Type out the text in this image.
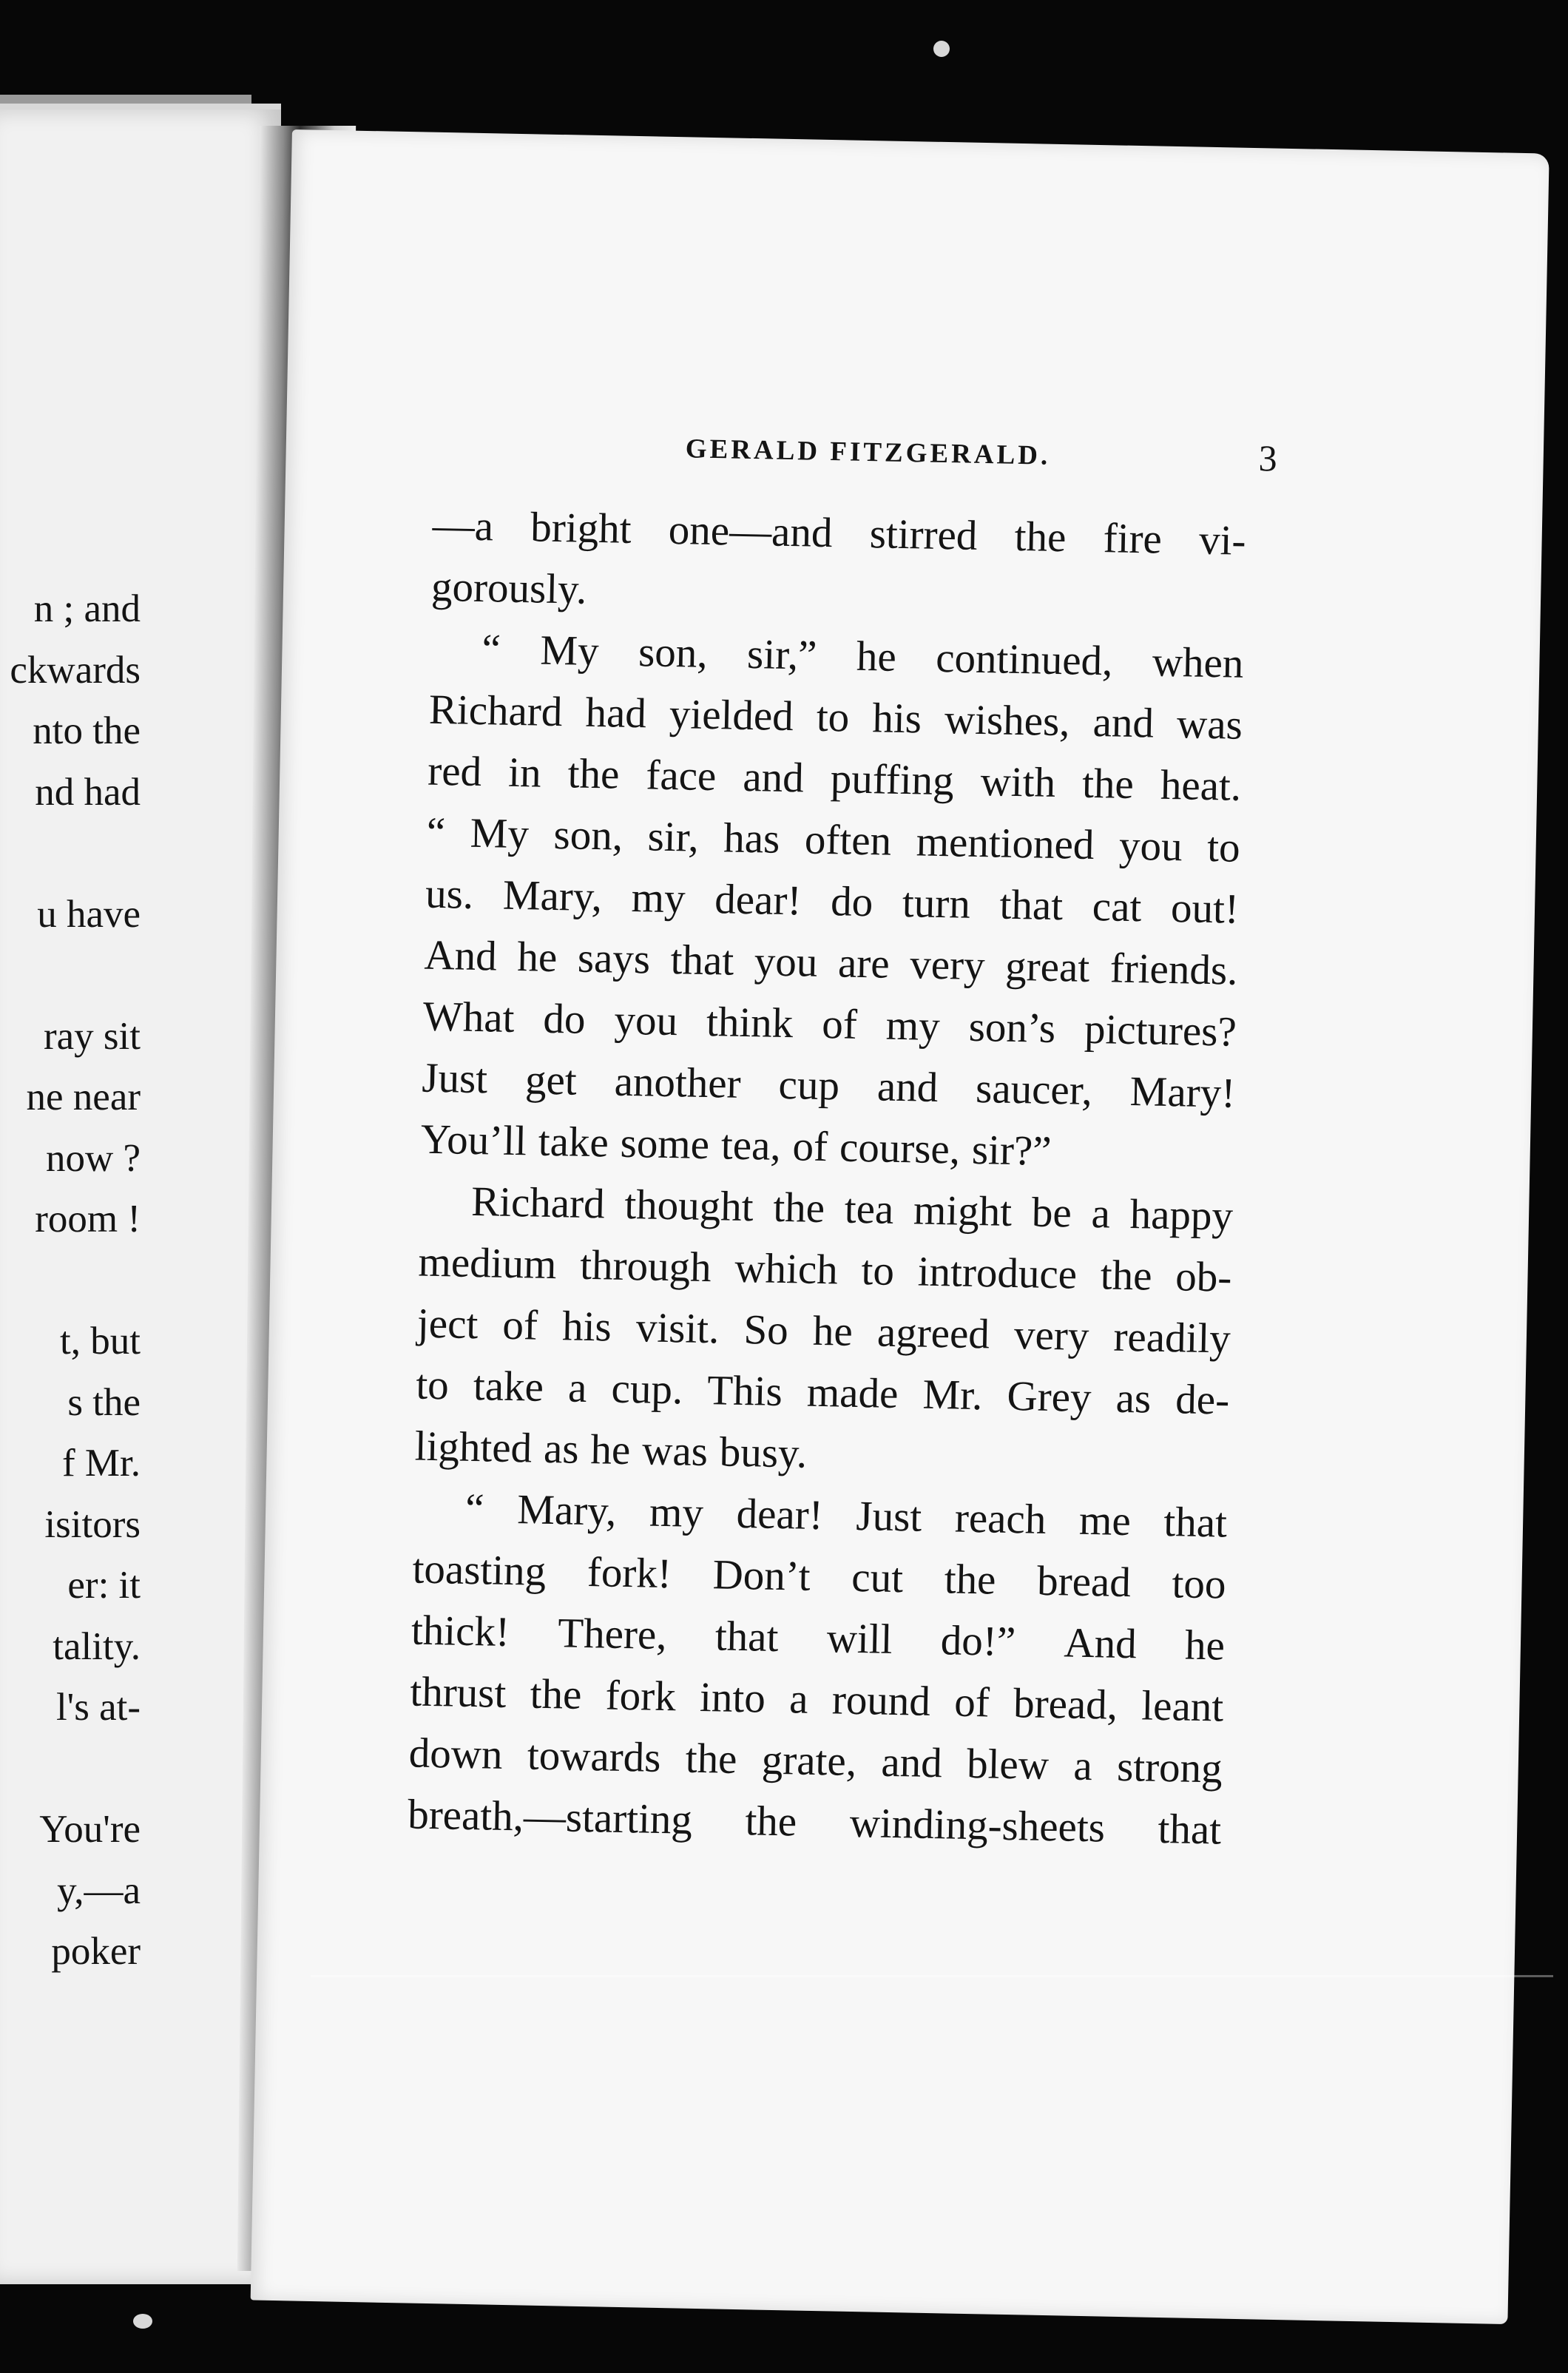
n ; and
ckwards
nto the
nd had
u have
ray sit
ne near
now ?
room !
t, but
s the
f Mr.
isitors
er: it
tality.
l's at-
You're
y,—a
poker
GERALD FITZGERALD.	3
—a bright one—and stirred the fire vi-
gorously.
“ My son, sir,” he continued, when
Richard had yielded to his wishes, and was
red in the face and puffing with the heat.
“ My son, sir, has often mentioned you to
us. Mary, my dear! do turn that cat out!
And he says that you are very great friends.
What do you think of my son’s pictures?
Just get another cup and saucer, Mary!
You’ll take some tea, of course, sir?”
Richard thought the tea might be a happy
medium through which to introduce the ob-
ject of his visit. So he agreed very readily
to take a cup. This made Mr. Grey as de-
lighted as he was busy.
“ Mary, my dear! Just reach me that
toasting fork! Don’t cut the bread too
thick! There, that will do!” And he
thrust the fork into a round of bread, leant
down towards the grate, and blew a strong
breath,—starting the winding-sheets that
